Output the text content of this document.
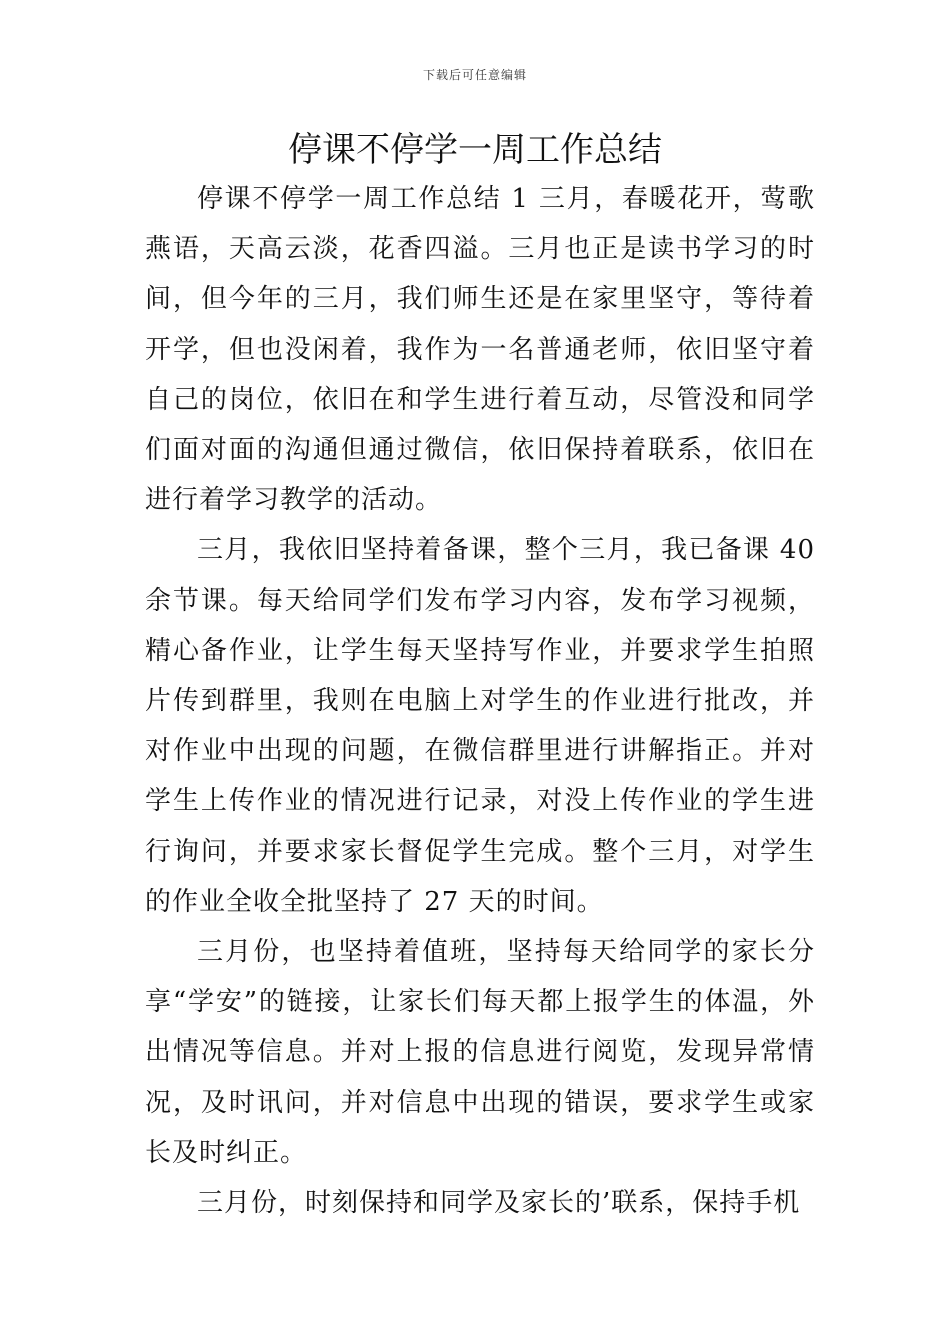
下载后可任意编辑
停课不停学一周工作总结

停课不停学一周工作总结 1 三月，春暖花开，莺歌燕语，天高云淡，花香四溢。三月也正是读书学习的时间，但今年的三月，我们师生还是在家里坚守，等待着开学，但也没闲着，我作为一名普通老师，依旧坚守着自己的岗位，依旧在和学生进行着互动，尽管没和同学们面对面的沟通但通过微信，依旧保持着联系，依旧在进行着学习教学的活动。

三月，我依旧坚持着备课，整个三月，我已备课 40 余节课。每天给同学们发布学习内容，发布学习视频，精心备作业，让学生每天坚持写作业，并要求学生拍照片传到群里，我则在电脑上对学生的作业进行批改，并对作业中出现的问题，在微信群里进行讲解指正。并对学生上传作业的情况进行记录，对没上传作业的学生进行询问，并要求家长督促学生完成。整个三月，对学生的作业全收全批坚持了 27 天的时间。

三月份，也坚持着值班，坚持每天给同学的家长分享“学安”的链接，让家长们每天都上报学生的体温，外出情况等信息。并对上报的信息进行阅览，发现异常情况，及时讯问，并对信息中出现的错误，要求学生或家长及时纠正。

三月份，时刻保持和同学及家长的’联系，保持手机
